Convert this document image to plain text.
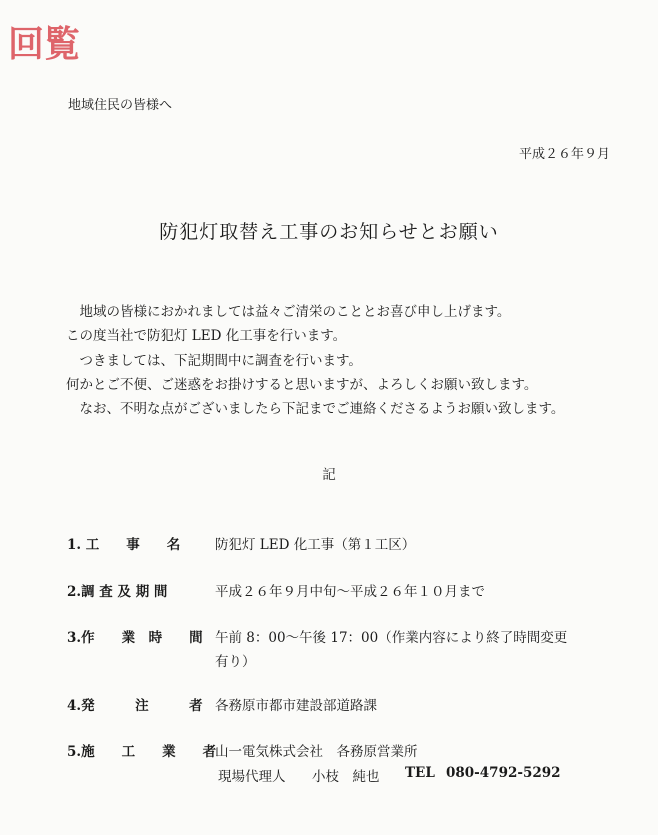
回覧
地域住民の皆様へ
平成２６年９月
防犯灯取替え工事のお知らせとお願い
　地域の皆様におかれましては益々ご清栄のこととお喜び申し上げます。
この度当社で防犯灯 LED 化工事を行います。
　つきましては、下記期間中に調査を行います。
何かとご不便、ご迷惑をお掛けすると思いますが、よろしくお願い致します。
　なお、不明な点がございましたら下記までご連絡くださるようお願い致します。
記
1. 工　　事　　名	防犯灯 LED 化工事（第１工区）
2.調 査 及 期 間	平成２６年９月中旬～平成２６年１０月まで
3.作　　業　時　　間 午前 8：00～午後 17：00（作業内容により終了時間変更
有り）
4.発　　　注　　　者 各務原市都市建設部道路課
5.施　　工　　業　　者
山一電気株式会社　各務原営業所
現場代理人 小枝　純也 TEL 080-4792-5292
